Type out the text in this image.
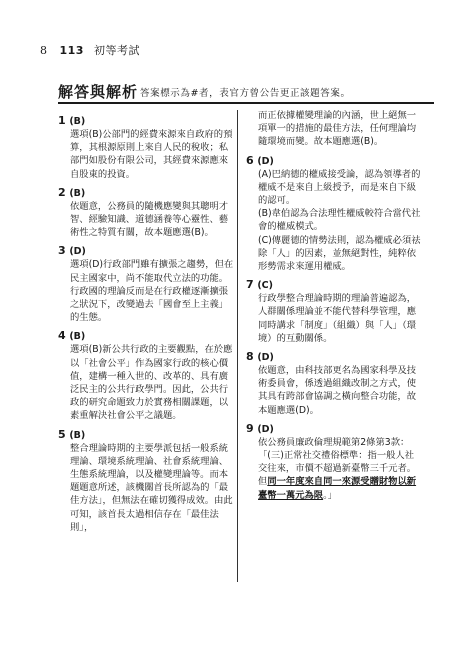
8 113 初等考試
解答與解析 答案標示為#者，表官方曾公告更正該題答案。
1 (B)
選項(B)公部門的經費來源來自政府的預算，其根源原則上來自人民的稅收；私部門如股份有限公司，其經費來源應來自股東的投資。
2 (B)
依題意，公務員的隨機應變與其聰明才智、經驗知識、道德涵養等心靈性、藝術性之特質有關，故本題應選(B)。
3 (D)
選項(D)行政部門雖有擴張之趨勢，但在民主國家中，尚不能取代立法的功能。行政國的理論反而是在行政權逐漸擴張之狀況下，改變過去「國會至上主義」的生態。
4 (B)
選項(B)新公共行政的主要觀點，在於應以「社會公平」作為國家行政的核心價值，建構一種入世的、改革的、具有廣泛民主的公共行政學門。因此，公共行政的研究命題致力於實務相關課題，以素重解決社會公平之議題。
5 (B)
整合理論時期的主要學派包括一般系統理論、環境系統理論、社會系統理論、生態系統理論，以及權變理論等。而本題題意所述，該機關首長所認為的「最佳方法」，但無法在確切獲得成效。由此可知，該首長太過相信存在「最佳法則」，
而正依據權變理論的內涵，世上絕無一項單一的措施的最佳方法，任何理論均隨環境而變。故本題應選(B)。
6 (D)

(A)巴納德的權威接受論，認為領導者的權威不是來自上級授予，而是來自下級的認可。

(B)韋伯認為合法理性權威較符合當代社會的權威模式。

(C)傳麗德的情勢法則，認為權威必須祛除「人」的因素，並無絕對性，純粹依形勢需求來運用權威。

7 (C)
行政學整合理論時期的理論普遍認為，人群關係理論並不能代替科學管理，應同時講求「制度」（組織）與「人」（環境）的互動關係。
8 (D)
依題意，由科技部更名為國家科學及技術委員會，係透過組織改制之方式，使其具有跨部會協調之橫向整合功能，故本題應選(D)。
9 (D)
依公務員廉政倫理規範第2條第3款：「(三)正常社交禮俗標準：指一般人社交往來，市價不超過新臺幣三千元者。但同一年度來自同一來源受贈財物以新臺幣一萬元為限。」
